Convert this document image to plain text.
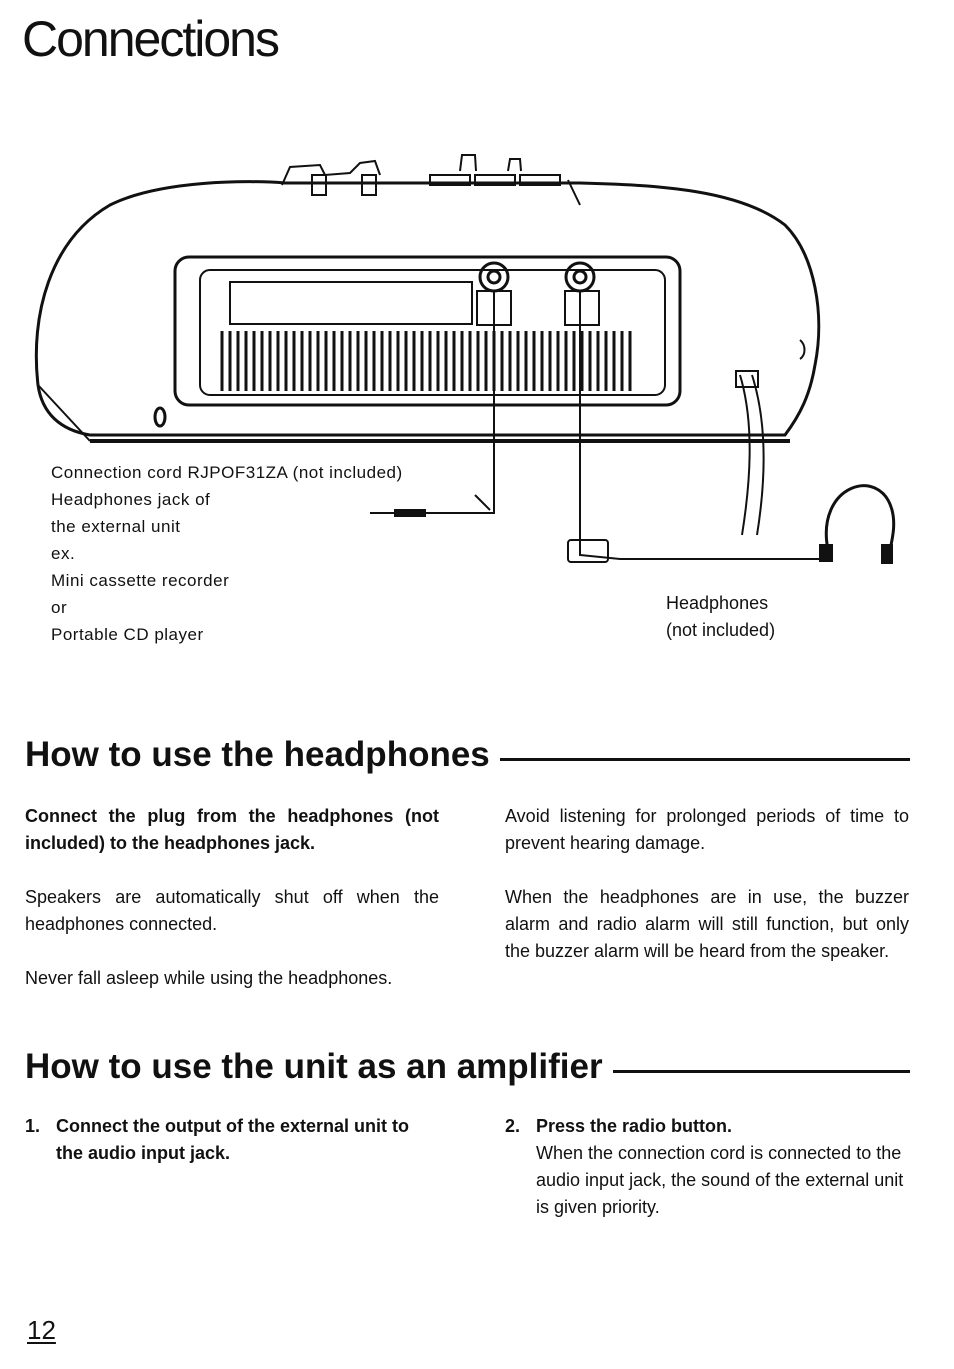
Connections
Connection cord RJPOF31ZA (not included)
Headphones jack of
the external unit
ex.
Mini cassette recorder
or
Portable CD player
Headphones
(not included)
How to use the headphones

Connect the plug from the headphones (not included) to the headphones jack.

Speakers are automatically shut off when the headphones connected.

Never fall asleep while using the headphones.

Avoid listening for prolonged periods of time to prevent hearing damage.

When the headphones are in use, the buzzer alarm and radio alarm will still function, but only the buzzer alarm will be heard from the speaker.

How to use the unit as an amplifier
1. Connect the output of the external unit to the audio input jack.
2. Press the radio button.
When the connection cord is connected to the audio input jack, the sound of the external unit is given priority.
12
